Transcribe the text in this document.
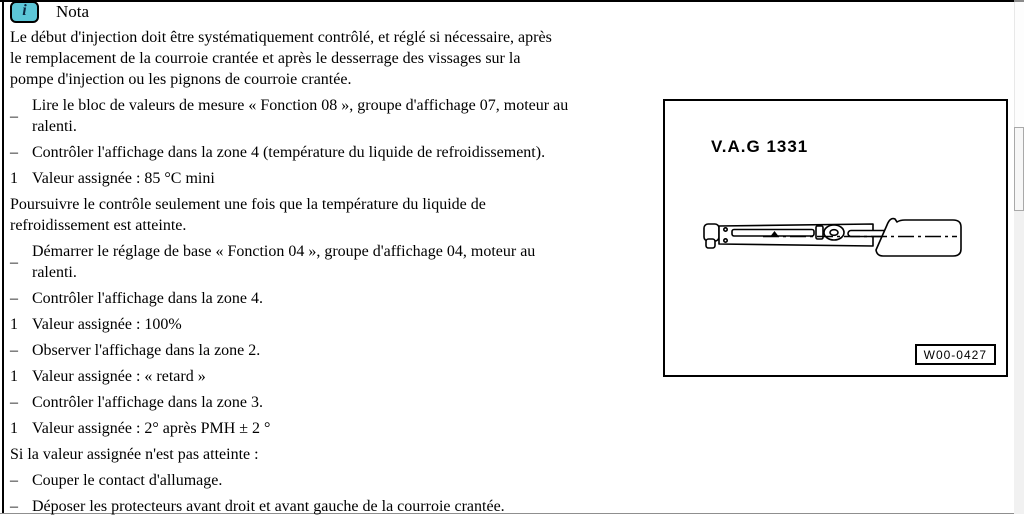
i Nota
Le début d'injection doit être systématiquement contrôlé, et réglé si nécessaire, après
le remplacement de la courroie crantée et après le desserrage des vissages sur la
pompe d'injection ou les pignons de courroie crantée.
–
Lire le bloc de valeurs de mesure « Fonction 08 », groupe d'affichage 07, moteur au
ralenti.
– Contrôler l'affichage dans la zone 4 (température du liquide de refroidissement).
1 Valeur assignée : 85 °C mini
Poursuivre le contrôle seulement une fois que la température du liquide de
refroidissement est atteinte.
–
Démarrer le réglage de base « Fonction 04 », groupe d'affichage 04, moteur au
ralenti.
– Contrôler l'affichage dans la zone 4.
1 Valeur assignée : 100%
– Observer l'affichage dans la zone 2.
1 Valeur assignée : « retard »
– Contrôler l'affichage dans la zone 3.
1 Valeur assignée : 2° après PMH ± 2 °
Si la valeur assignée n'est pas atteinte :
– Couper le contact d'allumage.
– Déposer les protecteurs avant droit et avant gauche de la courroie crantée.
V.A.G 1331
W00-0427
